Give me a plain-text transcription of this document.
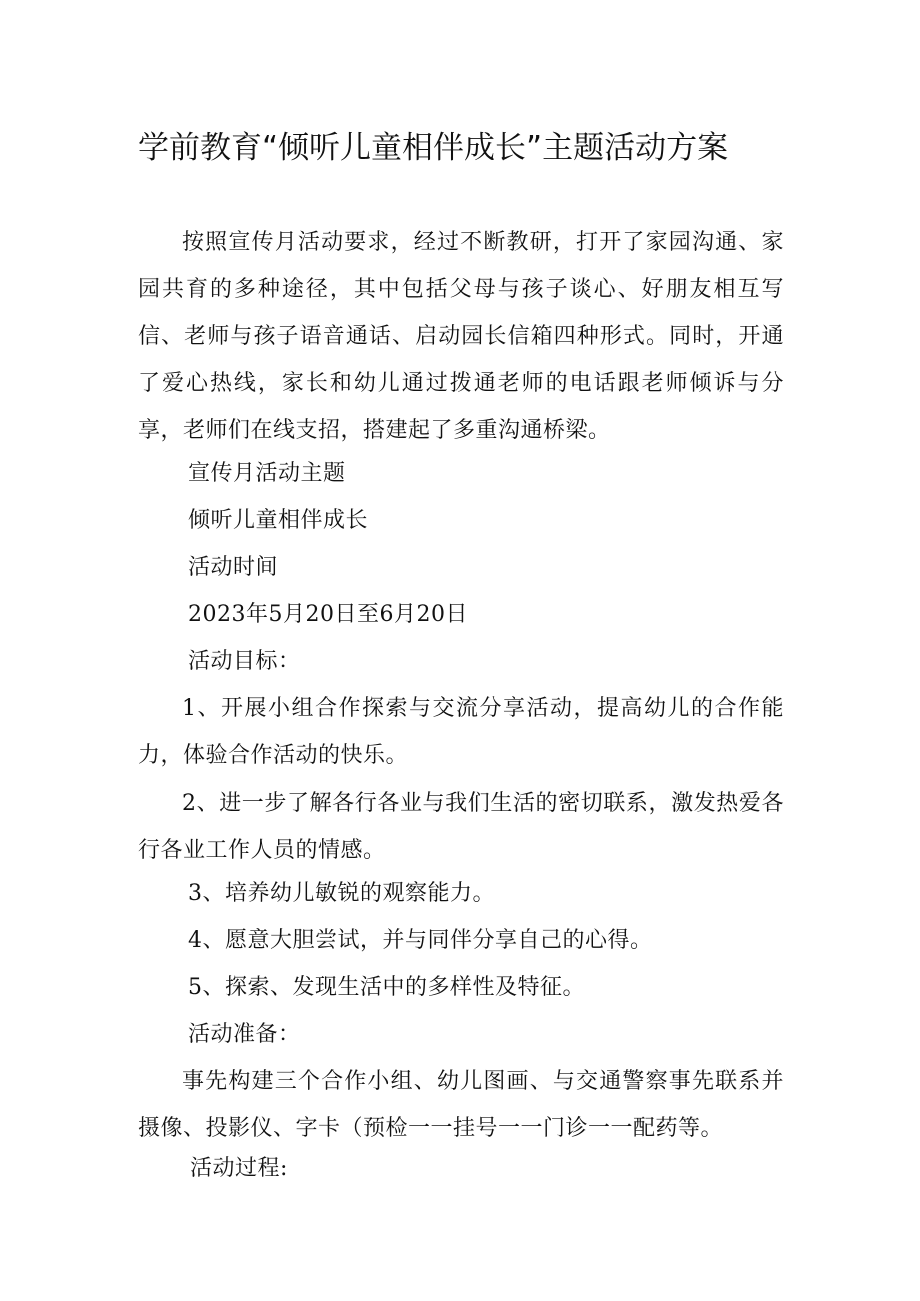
学前教育“倾听儿童相伴成长”主题活动方案

按照宣传月活动要求，经过不断教研，打开了家园沟通、家园共育的多种途径，其中包括父母与孩子谈心、好朋友相互写信、老师与孩子语音通话、启动园长信箱四种形式。同时，开通了爱心热线，家长和幼儿通过拨通老师的电话跟老师倾诉与分享，老师们在线支招，搭建起了多重沟通桥梁。

宣传月活动主题

倾听儿童相伴成长

活动时间

2023年5月20日至6月20日

活动目标：

1、开展小组合作探索与交流分享活动，提高幼儿的合作能力，体验合作活动的快乐。

2、进一步了解各行各业与我们生活的密切联系，激发热爱各行各业工作人员的情感。

3、培养幼儿敏锐的观察能力。

4、愿意大胆尝试，并与同伴分享自己的心得。

5、探索、发现生活中的多样性及特征。

活动准备：

事先构建三个合作小组、幼儿图画、与交通警察事先联系并摄像、投影仪、字卡（预检一一挂号一一门诊一一配药等。

活动过程:
